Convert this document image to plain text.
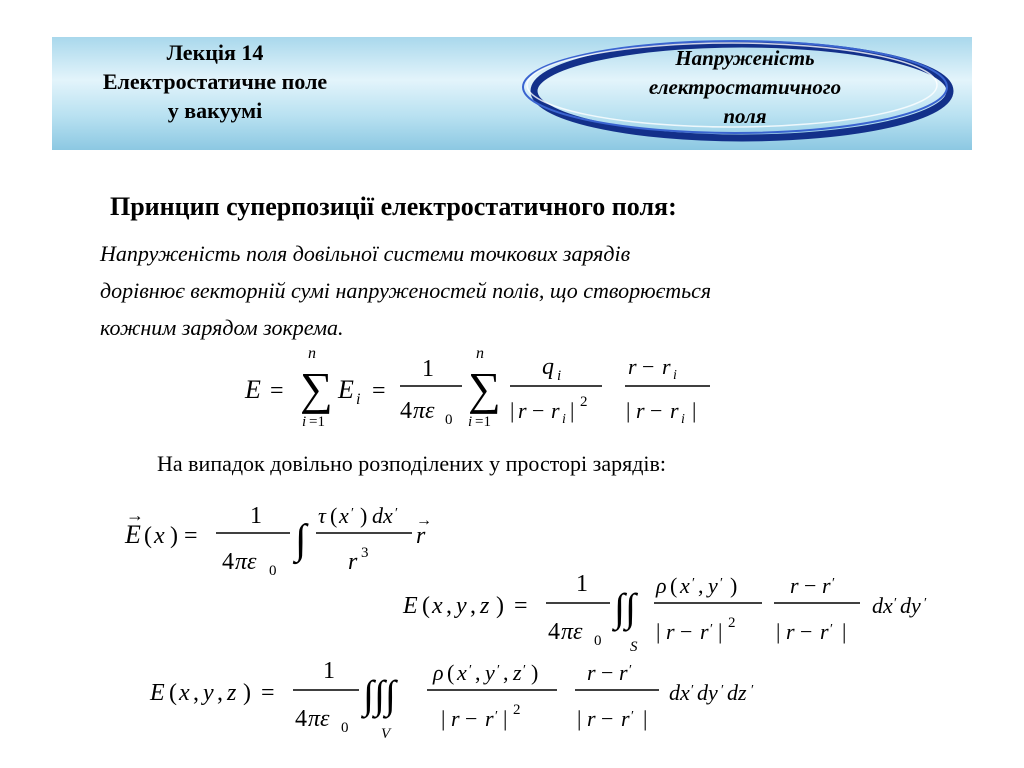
Лекція 14
Електростатичне поле
у вакуумі
Напруженість
електростатичного
поля
Принцип суперпозиції електростатичного поля:
Напруженість поля довільної системи точкових зарядів
дорівнює векторній сумі напруженостей полів, що створюється
кожним зарядом зокрема.
E = ∑
n
i =1
E i =
1
4 πε 0
∑
n
i =1
q i
| r − r i | 2
r − r i
| r − r i |
На випадок довільно розподілених у просторі зарядів:
E
→
( x ) =
1
4 πε 0
∫
τ ( x ′ ) dx ′
r 3
r
→
E ( x , y , z ) =
1
4 πε 0
∫∫
S
ρ ( x ′ , y ′ )
| r − r ′ | 2
r − r ′
| r − r ′ |
dx ′ dy ′
E ( x , y , z ) =
1
4 πε 0
∫∫∫
V
ρ ( x ′ , y ′ , z ′ )
| r − r ′ | 2
r − r ′
| r − r ′ |
dx ′ dy ′ dz ′
